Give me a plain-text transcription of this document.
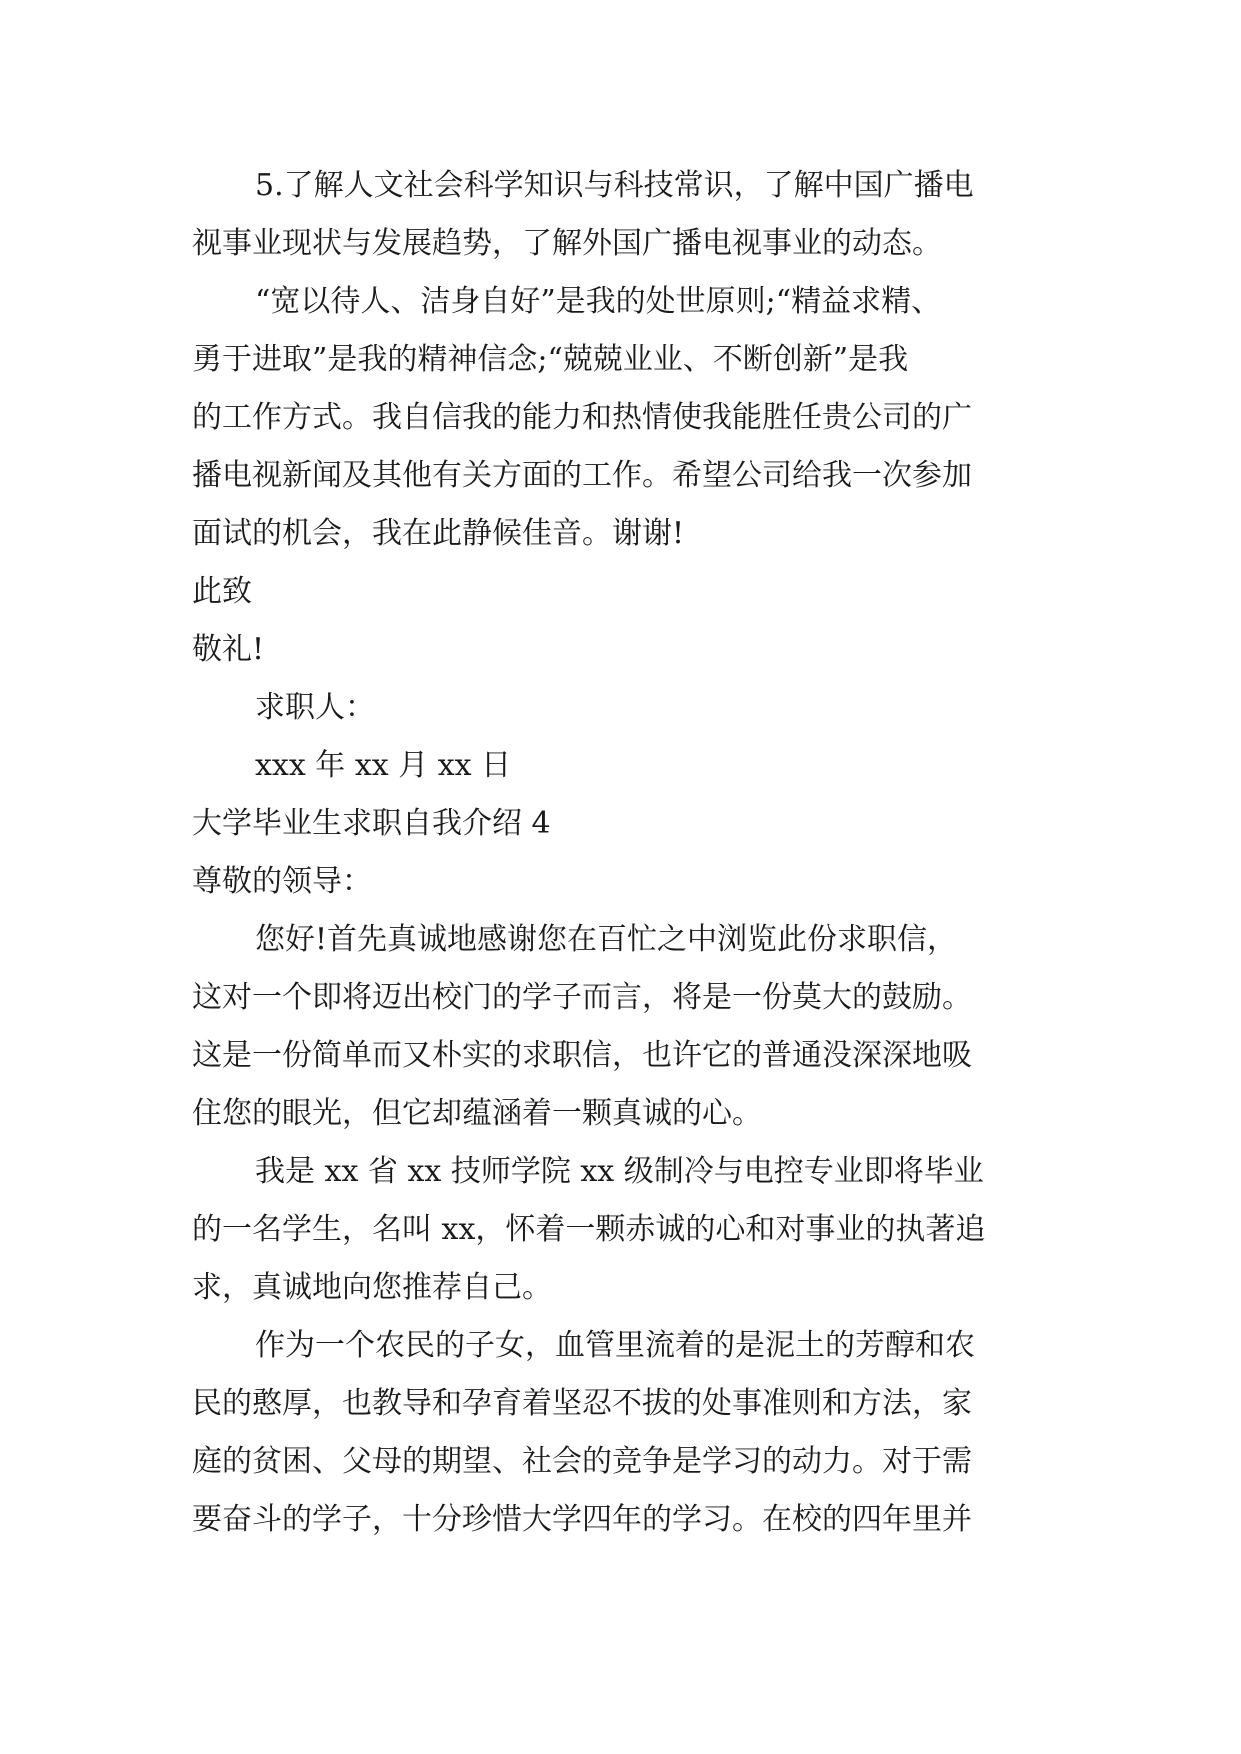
5.了解人文社会科学知识与科技常识，了解中国广播电
视事业现状与发展趋势，了解外国广播电视事业的动态。
“宽以待人、洁身自好”是我的处世原则;“精益求精、
勇于进取”是我的精神信念;“兢兢业业、不断创新”是我
的工作方式。我自信我的能力和热情使我能胜任贵公司的广
播电视新闻及其他有关方面的工作。希望公司给我一次参加
面试的机会，我在此静候佳音。谢谢!
此致
敬礼!
求职人：
xxx 年 xx 月 xx 日
大学毕业生求职自我介绍 4
尊敬的领导：
您好!首先真诚地感谢您在百忙之中浏览此份求职信，
这对一个即将迈出校门的学子而言，将是一份莫大的鼓励。
这是一份简单而又朴实的求职信，也许它的普通没深深地吸
住您的眼光，但它却蕴涵着一颗真诚的心。
我是 xx 省 xx 技师学院 xx 级制冷与电控专业即将毕业
的一名学生，名叫 xx，怀着一颗赤诚的心和对事业的执著追
求，真诚地向您推荐自己。
作为一个农民的子女，血管里流着的是泥土的芳醇和农
民的憨厚，也教导和孕育着坚忍不拔的处事准则和方法，家
庭的贫困、父母的期望、社会的竞争是学习的动力。对于需
要奋斗的学子，十分珍惜大学四年的学习。在校的四年里并
